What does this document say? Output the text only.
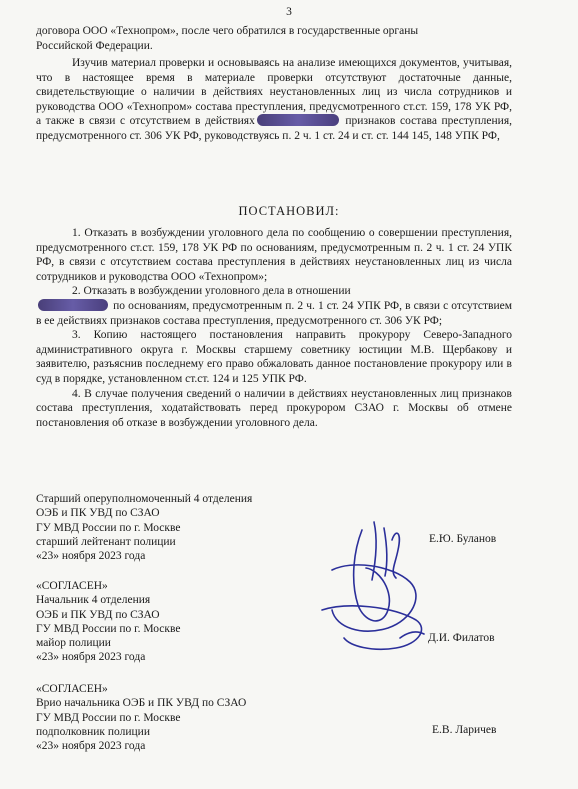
3

договора ООО «Технопром», после чего обратился в государственные органы

Российской Федерации.

Изучив материал проверки и основываясь на анализе имеющихся документов, учитывая, что в настоящее время в материале проверки отсутствуют достаточные данные, свидетельствующие о наличии в действиях неустановленных лиц из числа сотрудников и руководства ООО «Технопром» состава преступления, предусмотренного ст.ст. 159, 178 УК РФ, а также в связи с отсутствием в действиях	признаков состава преступления, предусмотренного ст. 306 УК РФ, руководствуясь п. 2 ч. 1 ст. 24 и ст. ст. 144 145, 148 УПК РФ,

ПОСТАНОВИЛ:

1. Отказать в возбуждении уголовного дела по сообщению о совершении преступления, предусмотренного ст.ст. 159, 178 УК РФ по основаниям, предусмотренным п. 2 ч. 1 ст. 24 УПК РФ, в связи с отсутствием состава преступления в действиях неустановленных лиц из числа сотрудников и руководства ООО «Технопром»;

2. Отказать в возбуждении уголовного дела в отношении
по основаниям, предусмотренным п. 2 ч. 1 ст. 24 УПК РФ, в связи с отсутствием в ее действиях признаков состава преступления, предусмотренного ст. 306 УК РФ;

3. Копию настоящего постановления направить прокурору Северо-Западного административного округа г. Москвы старшему советнику юстиции М.В. Щербакову и заявителю, разъяснив последнему его право обжаловать данное постановление прокурору или в суд в порядке, установленном ст.ст. 124 и 125 УПК РФ.

4. В случае получения сведений о наличии в действиях неустановленных лиц признаков состава преступления, ходатайствовать перед прокурором СЗАО г. Москвы об отмене постановления об отказе в возбуждении уголовного дела.

Старший оперуполномоченный 4 отделения
ОЭБ и ПК УВД по СЗАО
ГУ МВД России по г. Москве
старший лейтенант полиции
«23» ноября 2023 года
Е.Ю. Буланов
«СОГЛАСЕН»
Начальник 4 отделения
ОЭБ и ПК УВД по СЗАО
ГУ МВД России по г. Москве
майор полиции
«23» ноября 2023 года
Д.И. Филатов
«СОГЛАСЕН»
Врио начальника ОЭБ и ПК УВД по СЗАО
ГУ МВД России по г. Москве
подполковник полиции
«23» ноября 2023 года
Е.В. Ларичев
